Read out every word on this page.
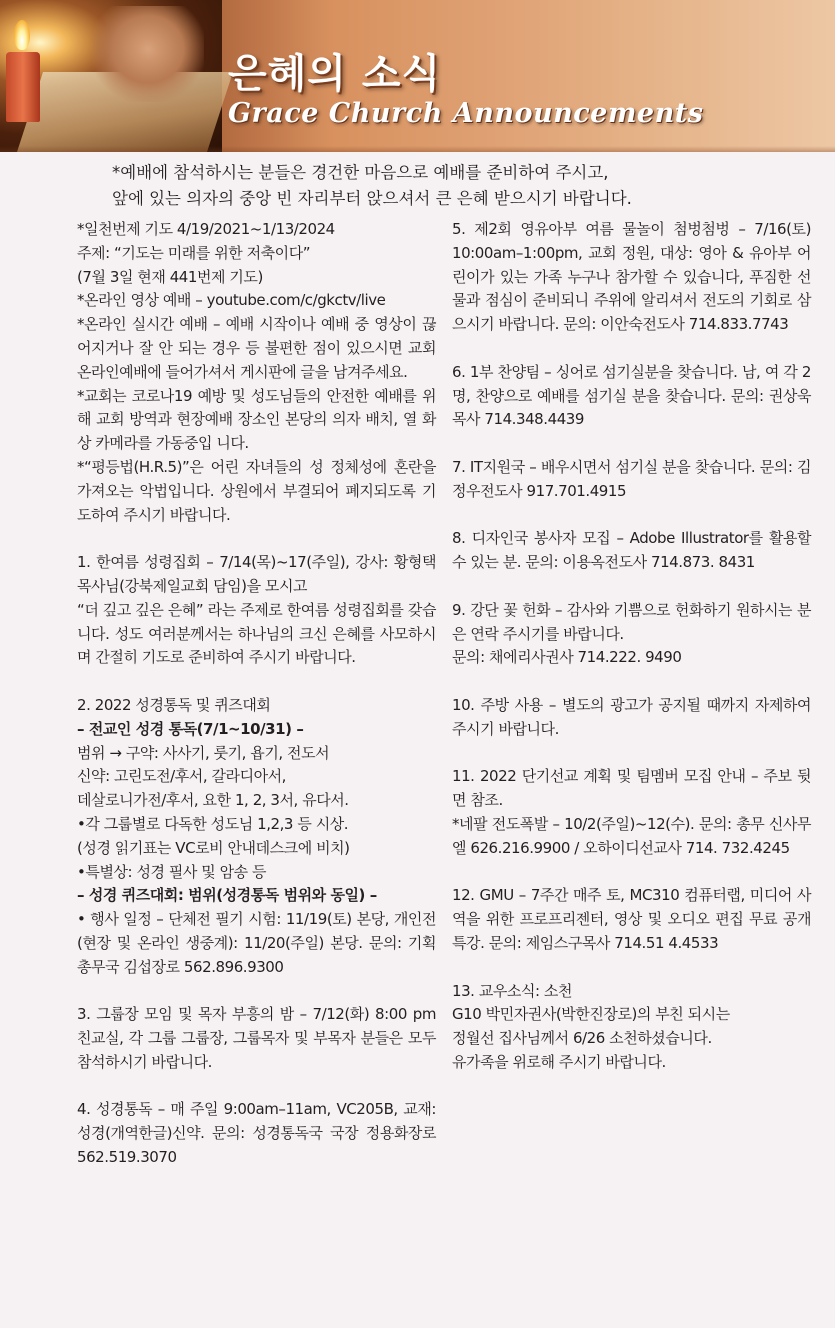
은혜의 소식
Grace Church Announcements
*예배에 참석하시는 분들은 경건한 마음으로 예배를 준비하여 주시고,
앞에 있는 의자의 중앙 빈 자리부터 앉으셔서 큰 은혜 받으시기 바랍니다.

*일천번제 기도 4/19/2021~1/13/2024

주제: “기도는 미래를 위한 저축이다”

(7월 3일 현재 441번제 기도)

*온라인 영상 예배 – youtube.com/c/gkctv/live

*온라인 실시간 예배 – 예배 시작이나 예배 중 영상이 끊어지거나 잘 안 되는 경우 등 불편한 점이 있으시면 교회 온라인예배에 들어가셔서 게시판에 글을 남겨주세요.

*교회는 코로나19 예방 및 성도님들의 안전한 예배를 위해 교회 방역과 현장예배 장소인 본당의 의자 배치, 열 화상 카메라를 가동중입 니다.

*“평등법(H.R.5)”은 어린 자녀들의 성 정체성에 혼란을 가져오는 악법입니다. 상원에서 부결되어 폐지되도록 기도하여 주시기 바랍니다.

1. 한여름 성령집회 – 7/14(목)~17(주일), 강사: 황형택 목사님(강북제일교회 담임)을 모시고

“더 깊고 깊은 은혜” 라는 주제로 한여름 성령집회를 갖습니다. 성도 여러분께서는 하나님의 크신 은혜를 사모하시며 간절히 기도로 준비하여 주시기 바랍니다.

2. 2022 성경통독 및 퀴즈대회

– 전교인 성경 통독(7/1~10/31) –

범위 → 구약: 사사기, 룻기, 욥기, 전도서

신약: 고린도전/후서, 갈라디아서,

데살로니가전/후서, 요한 1, 2, 3서, 유다서.

•각 그룹별로 다독한 성도님 1,2,3 등 시상.

(성경 읽기표는 VC로비 안내데스크에 비치)

•특별상: 성경 필사 및 암송 등

– 성경 퀴즈대회: 범위(성경통독 범위와 동일) –

• 행사 일정 – 단체전 필기 시험: 11/19(토) 본당, 개인전(현장 및 온라인 생중계): 11/20(주일) 본당. 문의: 기획총무국 김섭장로 562.896.9300

3. 그룹장 모임 및 목자 부흥의 밤 – 7/12(화) 8:00 pm 친교실, 각 그룹 그룹장, 그룹목자 및 부목자 분들은 모두 참석하시기 바랍니다.

4. 성경통독 – 매 주일 9:00am–11am, VC205B, 교재: 성경(개역한글)신약. 문의: 성경통독국 국장 정용화장로 562.519.3070

5. 제2회 영유아부 여름 물놀이 첨벙첨벙 – 7/16(토) 10:00am–1:00pm, 교회 정원, 대상: 영아 & 유아부 어린이가 있는 가족 누구나 참가할 수 있습니다, 푸짐한 선물과 점심이 준비되니 주위에 알리셔서 전도의 기회로 삼으시기 바랍니다. 문의: 이안숙전도사 714.833.7743

6. 1부 찬양팀 – 싱어로 섬기실분을 찾습니다. 남, 여 각 2명, 찬양으로 예배를 섬기실 분을 찾습니다. 문의: 권상욱목사 714.348.4439

7. IT지원국 – 배우시면서 섬기실 분을 찾습니다. 문의: 김정우전도사 917.701.4915

8. 디자인국 봉사자 모집 – Adobe Illustrator를 활용할 수 있는 분. 문의: 이용옥전도사 714.873. 8431

9. 강단 꽃 헌화 – 감사와 기쁨으로 헌화하기 원하시는 분은 연락 주시기를 바랍니다.

문의: 채에리사권사 714.222. 9490

10. 주방 사용 – 별도의 광고가 공지될 때까지 자제하여 주시기 바랍니다.

11. 2022 단기선교 계획 및 팀멤버 모집 안내 – 주보 뒷면 참조.

*네팔 전도폭발 – 10/2(주일)~12(수). 문의: 총무 신사무엘 626.216.9900 / 오하이디선교사 714. 732.4245

12. GMU – 7주간 매주 토, MC310 컴퓨터랩, 미디어 사역을 위한 프로프리젠터, 영상 및 오디오 편집 무료 공개특강. 문의: 제임스구목사 714.51 4.4533

13. 교우소식: 소천

G10 박민자권사(박한진장로)의 부친 되시는

정월선 집사님께서 6/26 소천하셨습니다.

유가족을 위로해 주시기 바랍니다.
